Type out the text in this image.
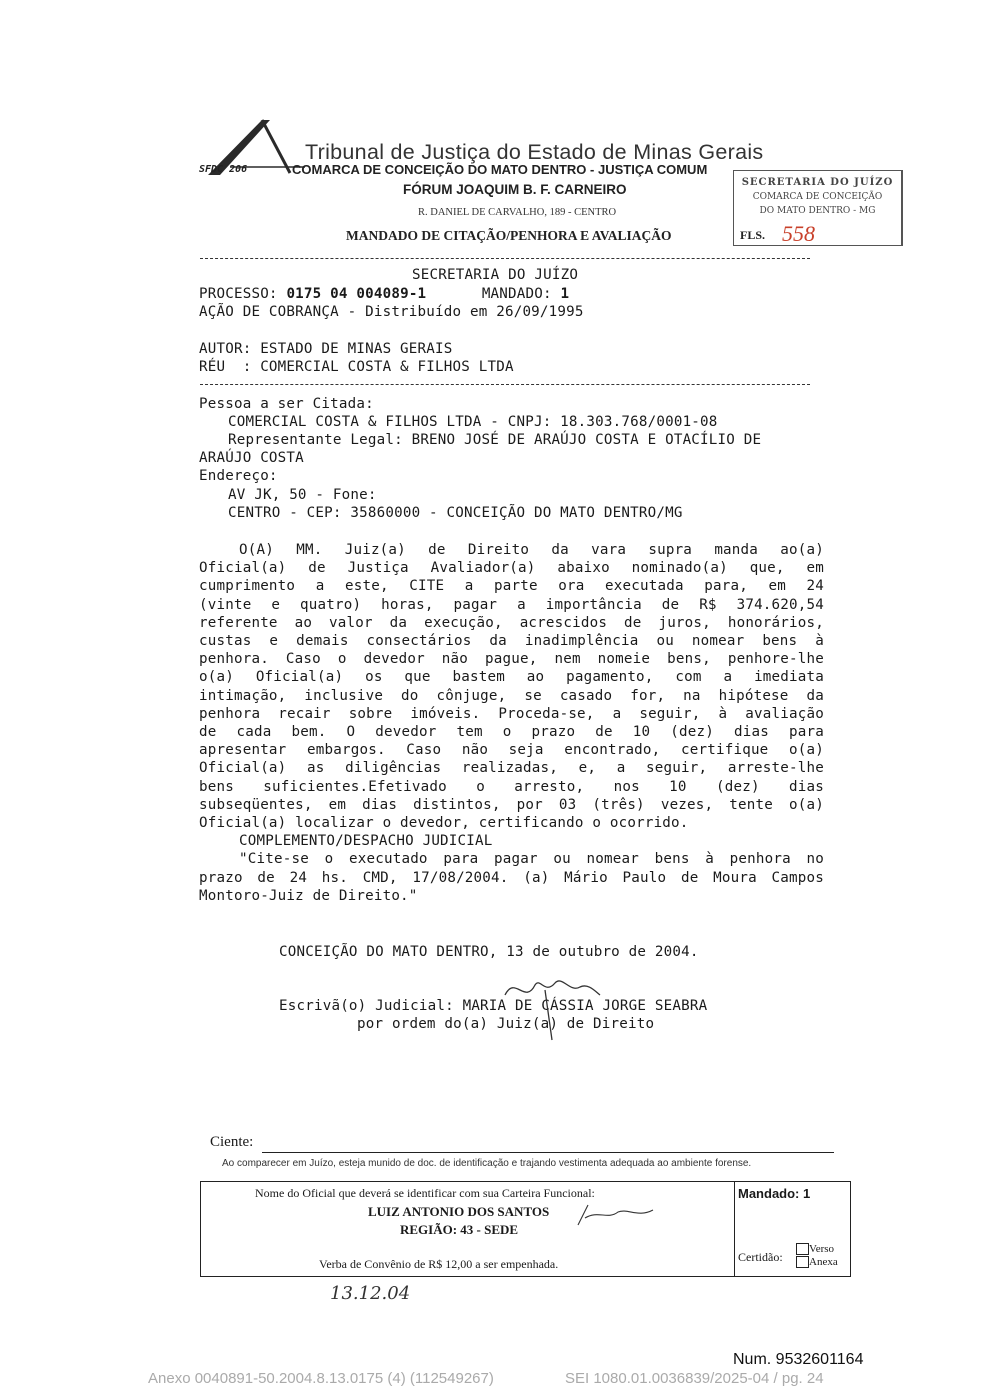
SFDC 206
Tribunal de Justiça do Estado de Minas Gerais
COMARCA DE CONCEIÇÃO DO MATO DENTRO - JUSTIÇA COMUM
FÓRUM JOAQUIM B. F. CARNEIRO
R. DANIEL DE CARVALHO, 189 - CENTRO
MANDADO DE CITAÇÃO/PENHORA E AVALIAÇÃO
SECRETARIA DO JUÍZO
COMARCA DE CONCEIÇÃO
DO MATO DENTRO - MG
FLS. 558
SECRETARIA DO JUÍZO
PROCESSO: 0175 04 004089-1	MANDADO: 1
AÇÃO DE COBRANÇA - Distribuído em 26/09/1995
AUTOR: ESTADO DE MINAS GERAIS
RÉU  : COMERCIAL COSTA & FILHOS LTDA
Pessoa a ser Citada:
COMERCIAL COSTA & FILHOS LTDA - CNPJ: 18.303.768/0001-08
Representante Legal: BRENO JOSÉ DE ARAÚJO COSTA E OTACÍLIO DE
ARAÚJO COSTA
Endereço:
AV JK, 50 - Fone:
CENTRO - CEP: 35860000 - CONCEIÇÃO DO MATO DENTRO/MG
O(A) MM. Juiz(a) de Direito da vara supra manda ao(a)
Oficial(a) de Justiça Avaliador(a) abaixo nominado(a) que, em
cumprimento a este, CITE a parte ora executada para, em 24
(vinte e quatro) horas, pagar a importância de R$ 374.620,54
referente ao valor da execução, acrescidos de juros, honorários,
custas e demais consectários da inadimplência ou nomear bens à
penhora. Caso o devedor não pague, nem nomeie bens, penhore-lhe
o(a) Oficial(a) os que bastem ao pagamento, com a imediata
intimação, inclusive do cônjuge, se casado for, na hipótese da
penhora recair sobre imóveis. Proceda-se, a seguir, à avaliação
de cada bem. O devedor tem o prazo de 10 (dez) dias para
apresentar embargos. Caso não seja encontrado, certifique o(a)
Oficial(a) as diligências realizadas, e, a seguir, arreste-lhe
bens suficientes.Efetivado o arresto, nos 10 (dez) dias
subseqüentes, em dias distintos, por 03 (três) vezes, tente o(a)
Oficial(a) localizar o devedor, certificando o ocorrido.
COMPLEMENTO/DESPACHO JUDICIAL
"Cite-se o executado para pagar ou nomear bens à penhora no
prazo de 24 hs. CMD, 17/08/2004. (a) Mário Paulo de Moura Campos
Montoro-Juiz de Direito."
CONCEIÇÃO DO MATO DENTRO, 13 de outubro de 2004.
Escrivã(o) Judicial: MARIA DE CÁSSIA JORGE SEABRA
por ordem do(a) Juiz(a) de Direito
Ciente:
Ao comparecer em Juízo, esteja munido de doc. de identificação e trajando vestimenta adequada ao ambiente forense.
Nome do Oficial que deverá se identificar com sua Carteira Funcional:
LUIZ ANTONIO DOS SANTOS
REGIÃO: 43 - SEDE
Verba de Convênio de R$ 12,00 a ser empenhada.
Mandado: 1
Certidão:
Verso
Anexa
13.12.04
Num. 9532601164
Anexo 0040891-50.2004.8.13.0175 (4) (112549267)	SEI 1080.01.0036839/2025-04 / pg. 24
